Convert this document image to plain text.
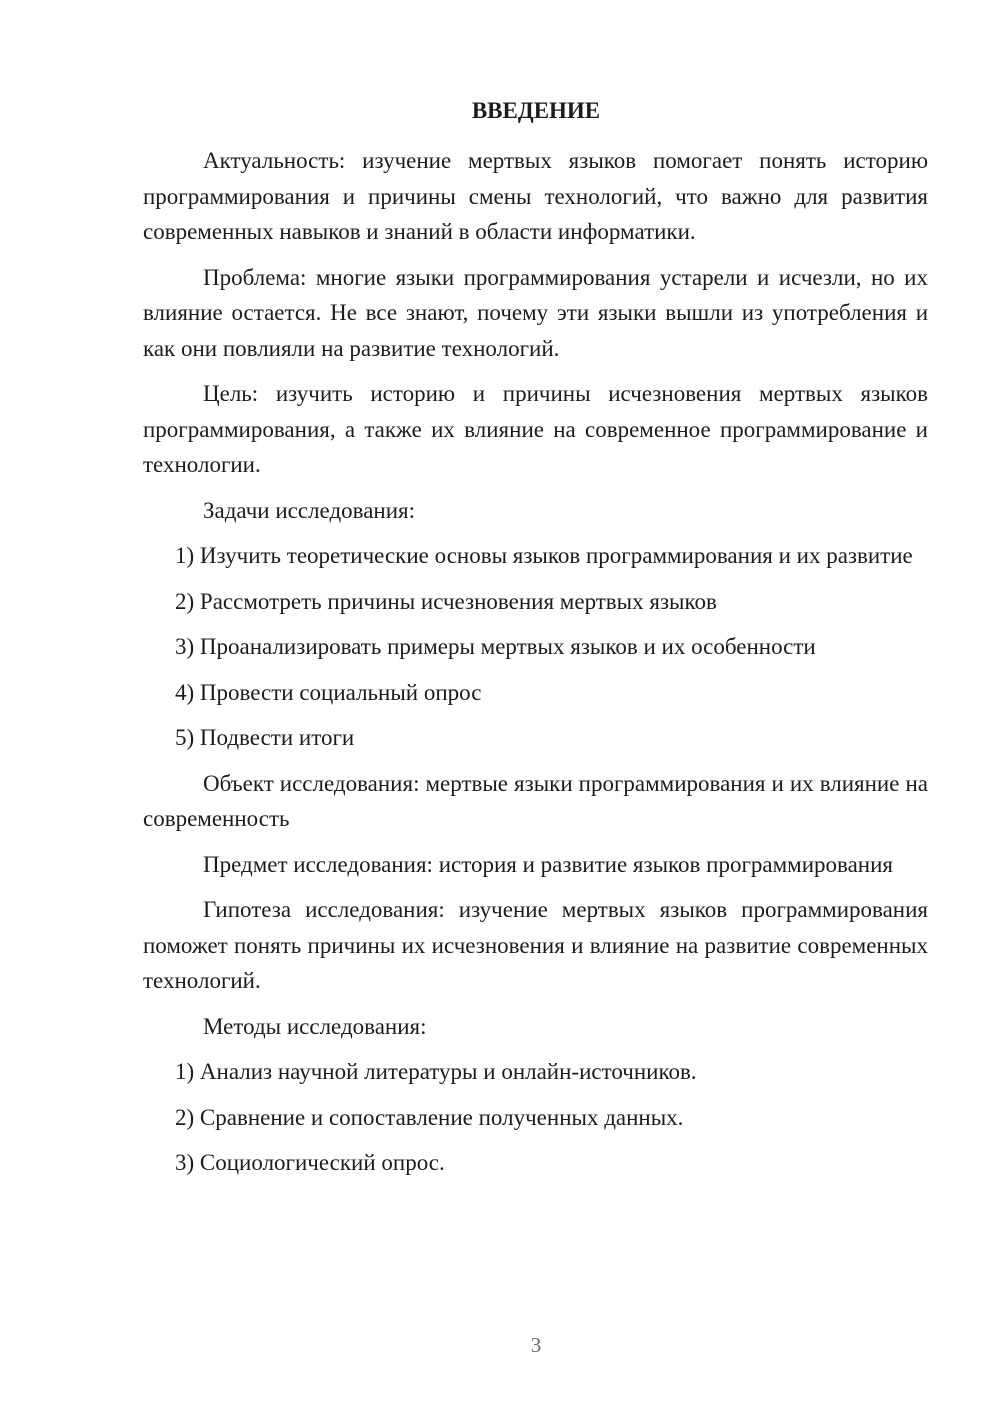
ВВЕДЕНИЕ

Актуальность: изучение мертвых языков помогает понять историю программирования и причины смены технологий, что важно для развития современных навыков и знаний в области информатики.

Проблема: многие языки программирования устарели и исчезли, но их влияние остается. Не все знают, почему эти языки вышли из употребления и как они повлияли на развитие технологий.

Цель: изучить историю и причины исчезновения мертвых языков программирования, а также их влияние на современное программирование и технологии.

Задачи исследования:

1) Изучить теоретические основы языков программирования и их развитие

2) Рассмотреть причины исчезновения мертвых языков

3) Проанализировать примеры мертвых языков и их особенности

4) Провести социальный опрос

5) Подвести итоги

Объект исследования: мертвые языки программирования и их влияние на современность

Предмет исследования: история и развитие языков программирования

Гипотеза исследования: изучение мертвых языков программирования поможет понять причины их исчезновения и влияние на развитие современных технологий.

Методы исследования:

1) Анализ научной литературы и онлайн-источников.

2) Сравнение и сопоставление полученных данных.

3) Социологический опрос.

3
